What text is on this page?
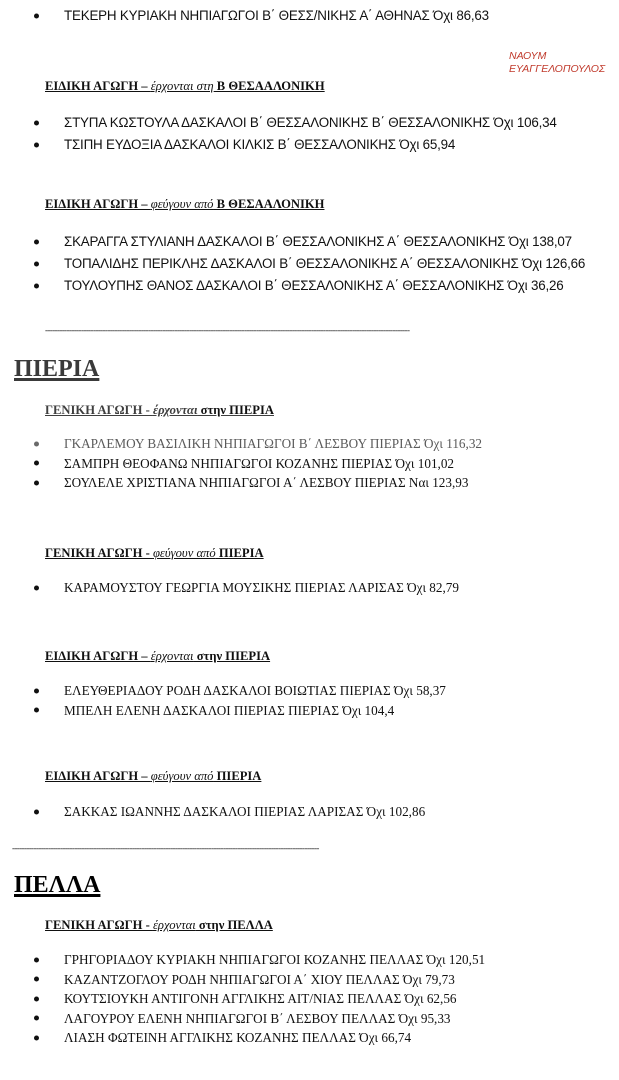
ΤΕΚΕΡΗ ΚΥΡΙΑΚΗ ΝΗΠΙΑΓΩΓΟΙ Β΄ ΘΕΣΣ/ΝΙΚΗΣ Α΄ ΑΘΗΝΑΣ Όχι 86,63
ΝΑΟΥΜ
ΕΥΑΓΓΕΛΟΠΟΥΛΟΣ
ΕΙΔΙΚΗ ΑΓΩΓΗ – έρχονται στη Β ΘΕΣΑΑΛΟΝΙΚΗ
ΣΤΥΠΑ ΚΩΣΤΟΥΛΑ ΔΑΣΚΑΛΟΙ Β΄ ΘΕΣΣΑΛΟΝΙΚΗΣ Β΄ ΘΕΣΣΑΛΟΝΙΚΗΣ Όχι 106,34
ΤΣΙΠΗ ΕΥΔΟΞΙΑ ΔΑΣΚΑΛΟΙ ΚΙΛΚΙΣ Β΄ ΘΕΣΣΑΛΟΝΙΚΗΣ Όχι 65,94
ΕΙΔΙΚΗ ΑΓΩΓΗ – φεύγουν από Β ΘΕΣΑΑΛΟΝΙΚΗ
ΣΚΑΡΑΓΓΑ ΣΤΥΛΙΑΝΗ ΔΑΣΚΑΛΟΙ Β΄ ΘΕΣΣΑΛΟΝΙΚΗΣ Α΄ ΘΕΣΣΑΛΟΝΙΚΗΣ Όχι 138,07
ΤΟΠΑΛΙΔΗΣ ΠΕΡΙΚΛΗΣ ΔΑΣΚΑΛΟΙ Β΄ ΘΕΣΣΑΛΟΝΙΚΗΣ Α΄ ΘΕΣΣΑΛΟΝΙΚΗΣ Όχι 126,66
ΤΟΥΛΟΥΠΗΣ ΘΑΝΟΣ ΔΑΣΚΑΛΟΙ Β΄ ΘΕΣΣΑΛΟΝΙΚΗΣ Α΄ ΘΕΣΣΑΛΟΝΙΚΗΣ Όχι 36,26
--------------------------------------------------------------------------------------------------------------------------------------------------------
ΠΙΕΡΙΑ
ΓΕΝΙΚΗ ΑΓΩΓΗ - έρχονται στην ΠΙΕΡΙΑ
ΓΚΑΡΛΕΜΟΥ ΒΑΣΙΛΙΚΗ ΝΗΠΙΑΓΩΓΟΙ Β΄ ΛΕΣΒΟΥ ΠΙΕΡΙΑΣ Όχι 116,32
ΣΑΜΠΡΗ ΘΕΟΦΑΝΩ ΝΗΠΙΑΓΩΓΟΙ ΚΟΖΑΝΗΣ ΠΙΕΡΙΑΣ Όχι 101,02
ΣΟΥΛΕΛΕ ΧΡΙΣΤΙΑΝΑ ΝΗΠΙΑΓΩΓΟΙ Α΄ ΛΕΣΒΟΥ ΠΙΕΡΙΑΣ Ναι 123,93
ΓΕΝΙΚΗ ΑΓΩΓΗ - φεύγουν από ΠΙΕΡΙΑ
ΚΑΡΑΜΟΥΣΤΟΥ ΓΕΩΡΓΙΑ ΜΟΥΣΙΚΗΣ ΠΙΕΡΙΑΣ ΛΑΡΙΣΑΣ Όχι 82,79
ΕΙΔΙΚΗ ΑΓΩΓΗ – έρχονται στην ΠΙΕΡΙΑ
ΕΛΕΥΘΕΡΙΑΔΟΥ ΡΟΔΗ ΔΑΣΚΑΛΟΙ ΒΟΙΩΤΙΑΣ ΠΙΕΡΙΑΣ Όχι 58,37
ΜΠΕΛΗ ΕΛΕΝΗ ΔΑΣΚΑΛΟΙ ΠΙΕΡΙΑΣ ΠΙΕΡΙΑΣ Όχι 104,4
ΕΙΔΙΚΗ ΑΓΩΓΗ – φεύγουν από ΠΙΕΡΙΑ
ΣΑΚΚΑΣ ΙΩΑΝΝΗΣ ΔΑΣΚΑΛΟΙ ΠΙΕΡΙΑΣ ΛΑΡΙΣΑΣ Όχι 102,86
--------------------------------------------------------------------------------------------------------------------------------
ΠΕΛΛΑ
ΓΕΝΙΚΗ ΑΓΩΓΗ - έρχονται στην ΠΕΛΛΑ
ΓΡΗΓΟΡΙΑΔΟΥ ΚΥΡΙΑΚΗ ΝΗΠΙΑΓΩΓΟΙ ΚΟΖΑΝΗΣ ΠΕΛΛΑΣ Όχι 120,51
ΚΑΖΑΝΤΖΟΓΛΟΥ ΡΟΔΗ ΝΗΠΙΑΓΩΓΟΙ Α΄ ΧΙΟΥ ΠΕΛΛΑΣ Όχι 79,73
ΚΟΥΤΣΙΟΥΚΗ ΑΝΤΙΓΟΝΗ ΑΓΓΛΙΚΗΣ ΑΙΤ/ΝΙΑΣ ΠΕΛΛΑΣ Όχι 62,56
ΛΑΓΟΥΡΟΥ ΕΛΕΝΗ ΝΗΠΙΑΓΩΓΟΙ Β΄ ΛΕΣΒΟΥ ΠΕΛΛΑΣ Όχι 95,33
ΛΙΑΣΗ ΦΩΤΕΙΝΗ ΑΓΓΛΙΚΗΣ ΚΟΖΑΝΗΣ ΠΕΛΛΑΣ Όχι 66,74
